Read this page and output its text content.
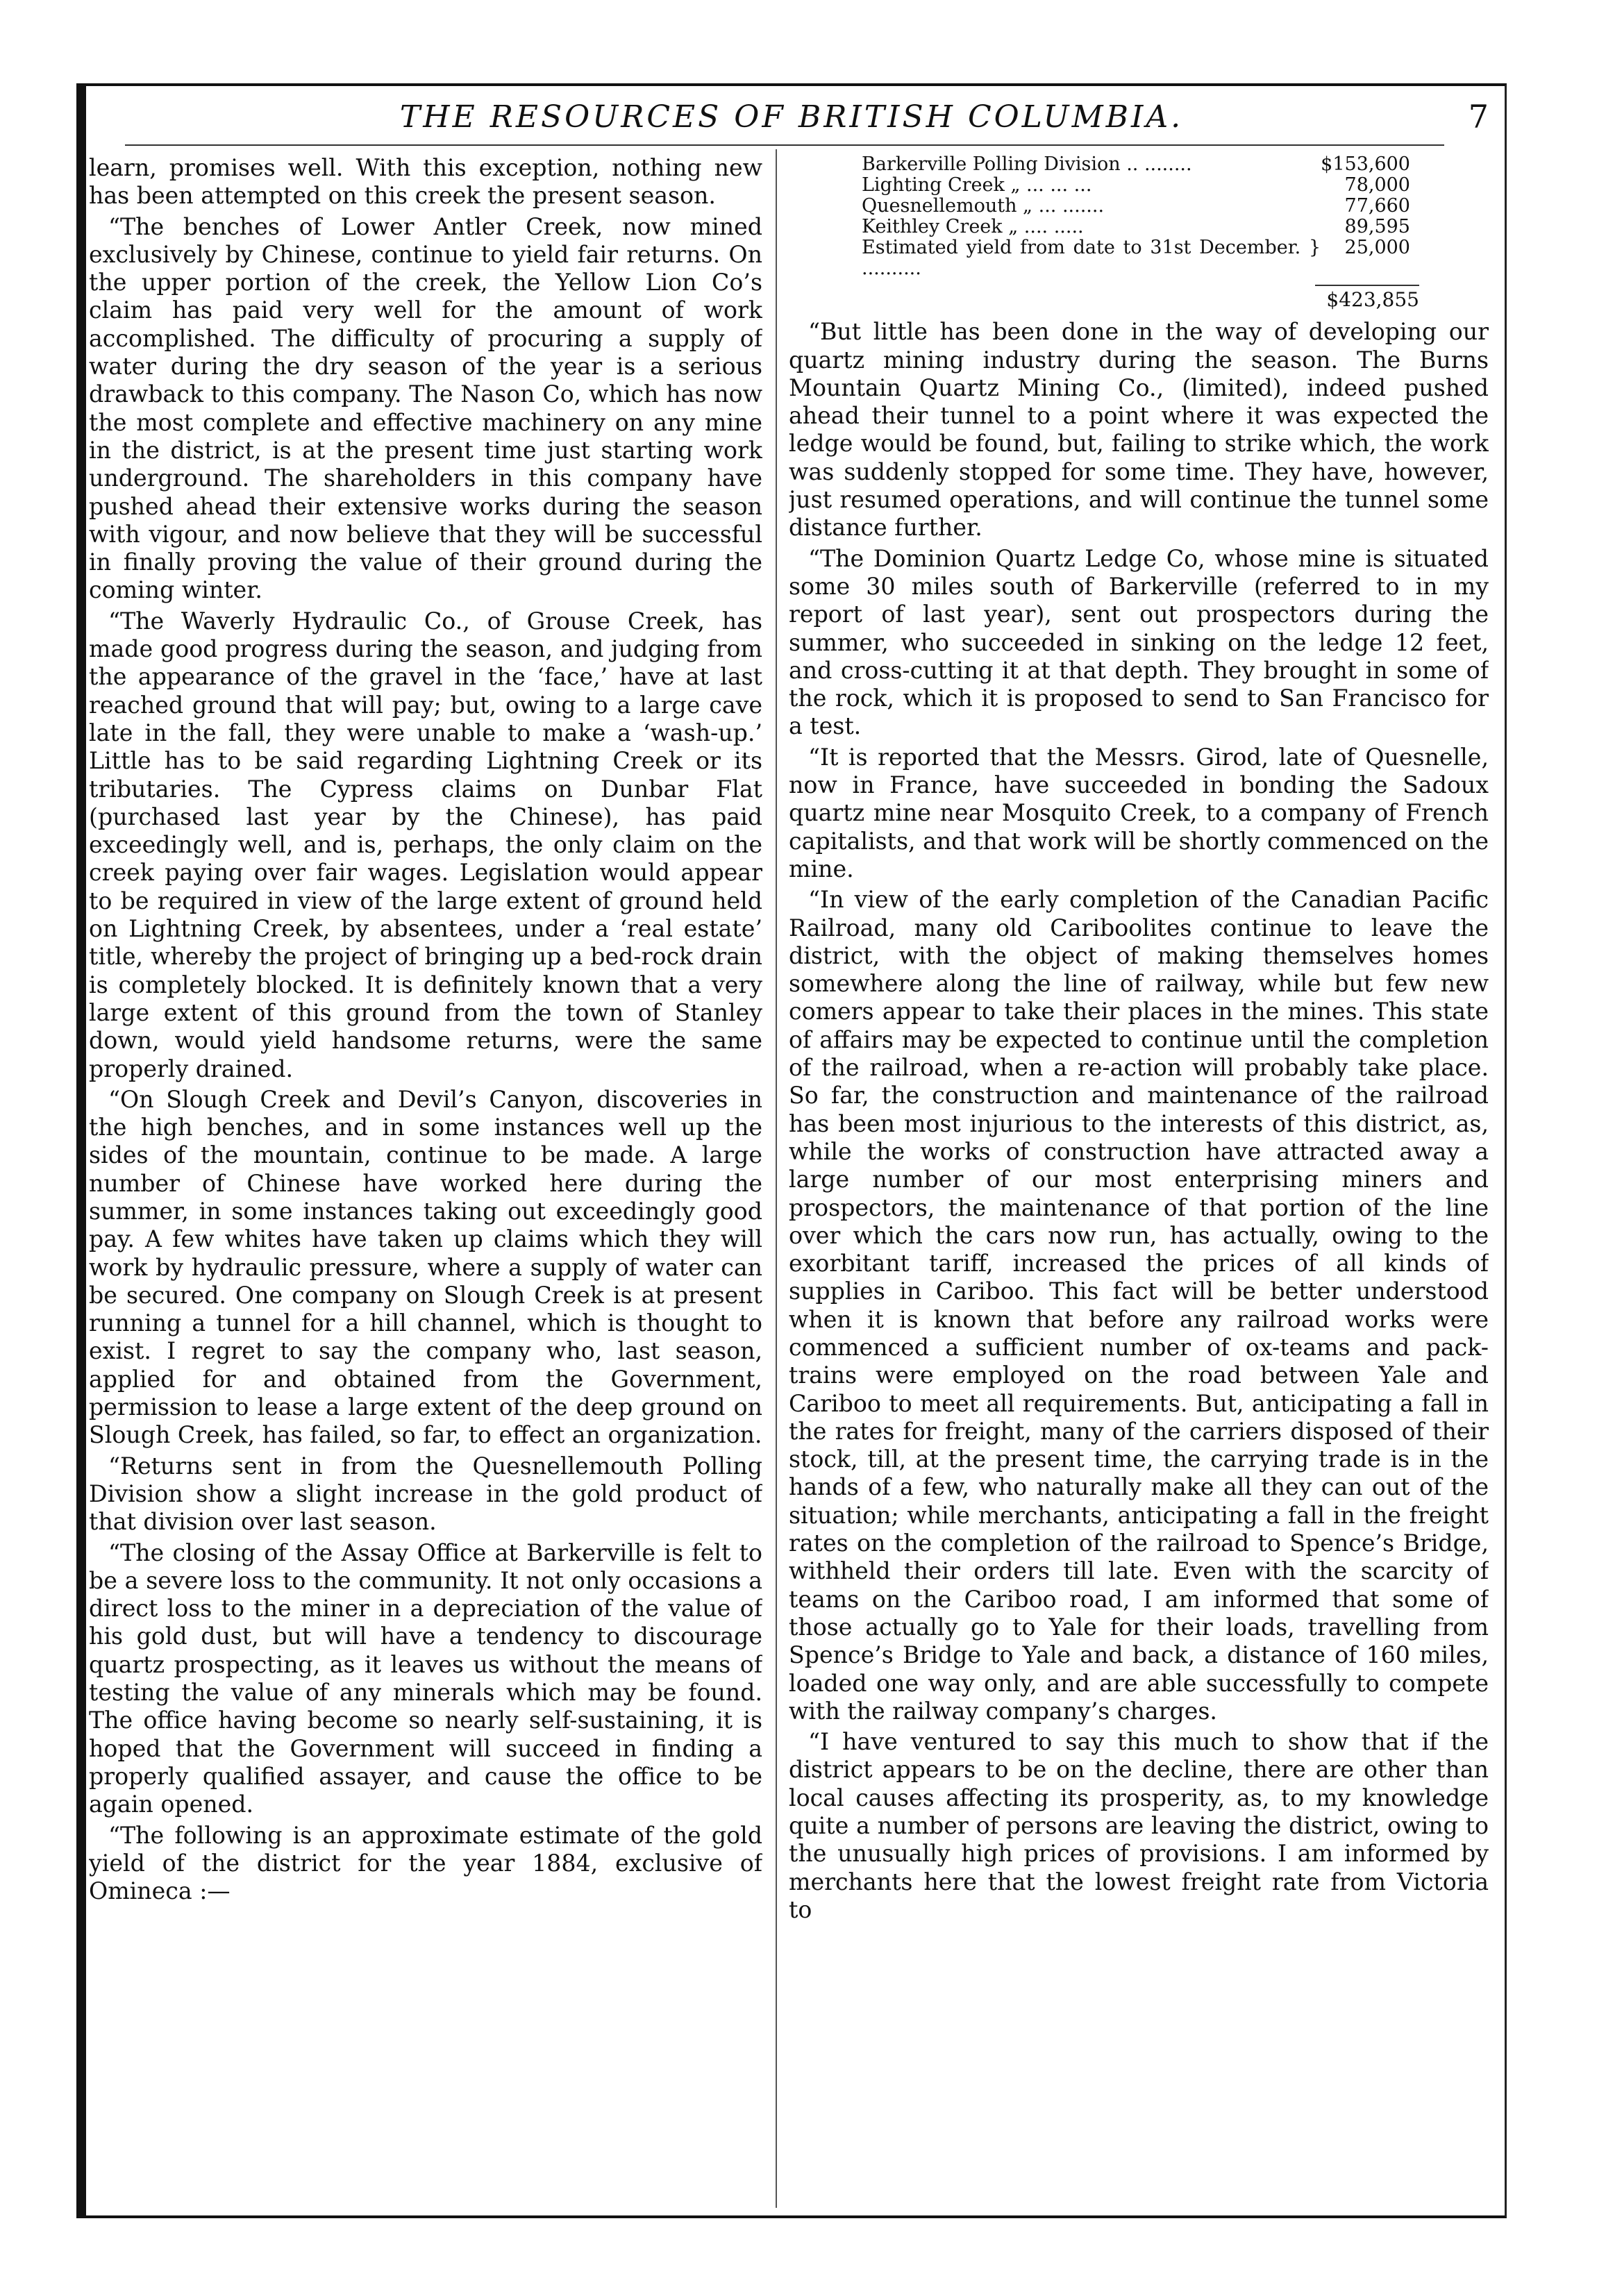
THE RESOURCES OF BRITISH COLUMBIA.	7

learn, promises well. With this exception, nothing new has been attempted on this creek the present season.

“The benches of Lower Antler Creek, now mined exclusively by Chinese, continue to yield fair returns. On the upper portion of the creek, the Yellow Lion Co’s claim has paid very well for the amount of work accomplished. The difficulty of procuring a supply of water during the dry season of the year is a serious drawback to this company. The Nason Co, which has now the most complete and effective machinery on any mine in the district, is at the present time just starting work underground. The shareholders in this company have pushed ahead their extensive works during the season with vigour, and now believe that they will be successful in finally proving the value of their ground during the coming winter.

“The Waverly Hydraulic Co., of Grouse Creek, has made good progress during the season, and judging from the appearance of the gravel in the ‘face,’ have at last reached ground that will pay; but, owing to a large cave late in the fall, they were unable to make a ‘wash-up.’ Little has to be said regarding Lightning Creek or its tributaries. The Cypress claims on Dunbar Flat (purchased last year by the Chinese), has paid exceedingly well, and is, perhaps, the only claim on the creek paying over fair wages. Legislation would appear to be required in view of the large extent of ground held on Lightning Creek, by absentees, under a ‘real estate’ title, whereby the project of bringing up a bed-rock drain is completely blocked. It is definitely known that a very large extent of this ground from the town of Stanley down, would yield handsome returns, were the same properly drained.

“On Slough Creek and Devil’s Canyon, discoveries in the high benches, and in some instances well up the sides of the mountain, continue to be made. A large number of Chinese have worked here during the summer, in some instances taking out exceedingly good pay. A few whites have taken up claims which they will work by hydraulic pressure, where a supply of water can be secured. One company on Slough Creek is at present running a tunnel for a hill channel, which is thought to exist. I regret to say the company who, last season, applied for and obtained from the Government, permission to lease a large extent of the deep ground on Slough Creek, has failed, so far, to effect an organization.

“Returns sent in from the Quesnellemouth Polling Division show a slight increase in the gold product of that division over last season.

“The closing of the Assay Office at Barkerville is felt to be a severe loss to the community. It not only occasions a direct loss to the miner in a depreciation of the value of his gold dust, but will have a tendency to discourage quartz prospecting, as it leaves us without the means of testing the value of any minerals which may be found. The office having become so nearly self-sustaining, it is hoped that the Government will succeed in finding a properly qualified assayer, and cause the office to be again opened.

“The following is an approximate estimate of the gold yield of the district for the year 1884, exclusive of Omineca :—

Barkerville Polling Division .. ........	$153,600
Lighting Creek „ ... ... ...	78,000
Quesnellemouth „ ... .......	77,660
Keithley Creek „ .... .....	89,595
Estimated yield from date to 31st December. } ..........	25,000
$423,855

“But little has been done in the way of developing our quartz mining industry during the season. The Burns Mountain Quartz Mining Co., (limited), indeed pushed ahead their tunnel to a point where it was expected the ledge would be found, but, failing to strike which, the work was suddenly stopped for some time. They have, however, just resumed operations, and will continue the tunnel some distance further.

“The Dominion Quartz Ledge Co, whose mine is situated some 30 miles south of Barkerville (referred to in my report of last year), sent out prospectors during the summer, who succeeded in sinking on the ledge 12 feet, and cross-cutting it at that depth. They brought in some of the rock, which it is proposed to send to San Francisco for a test.

“It is reported that the Messrs. Girod, late of Quesnelle, now in France, have succeeded in bonding the Sadoux quartz mine near Mosquito Creek, to a company of French capitalists, and that work will be shortly commenced on the mine.

“In view of the early completion of the Canadian Pacific Railroad, many old Cariboolites continue to leave the district, with the object of making themselves homes somewhere along the line of railway, while but few new comers appear to take their places in the mines. This state of affairs may be expected to continue until the completion of the railroad, when a re-action will probably take place. So far, the construction and maintenance of the railroad has been most injurious to the interests of this district, as, while the works of construction have attracted away a large number of our most enterprising miners and prospectors, the maintenance of that portion of the line over which the cars now run, has actually, owing to the exorbitant tariff, increased the prices of all kinds of supplies in Cariboo. This fact will be better understood when it is known that before any railroad works were commenced a sufficient number of ox-teams and pack-trains were employed on the road between Yale and Cariboo to meet all requirements. But, anticipating a fall in the rates for freight, many of the carriers disposed of their stock, till, at the present time, the carrying trade is in the hands of a few, who naturally make all they can out of the situation; while merchants, anticipating a fall in the freight rates on the completion of the railroad to Spence’s Bridge, withheld their orders till late. Even with the scarcity of teams on the Cariboo road, I am informed that some of those actually go to Yale for their loads, travelling from Spence’s Bridge to Yale and back, a distance of 160 miles, loaded one way only, and are able successfully to compete with the railway company’s charges.

“I have ventured to say this much to show that if the district appears to be on the decline, there are other than local causes affecting its prosperity, as, to my knowledge quite a number of persons are leaving the district, owing to the unusually high prices of provisions. I am informed by merchants here that the lowest freight rate from Victoria to
